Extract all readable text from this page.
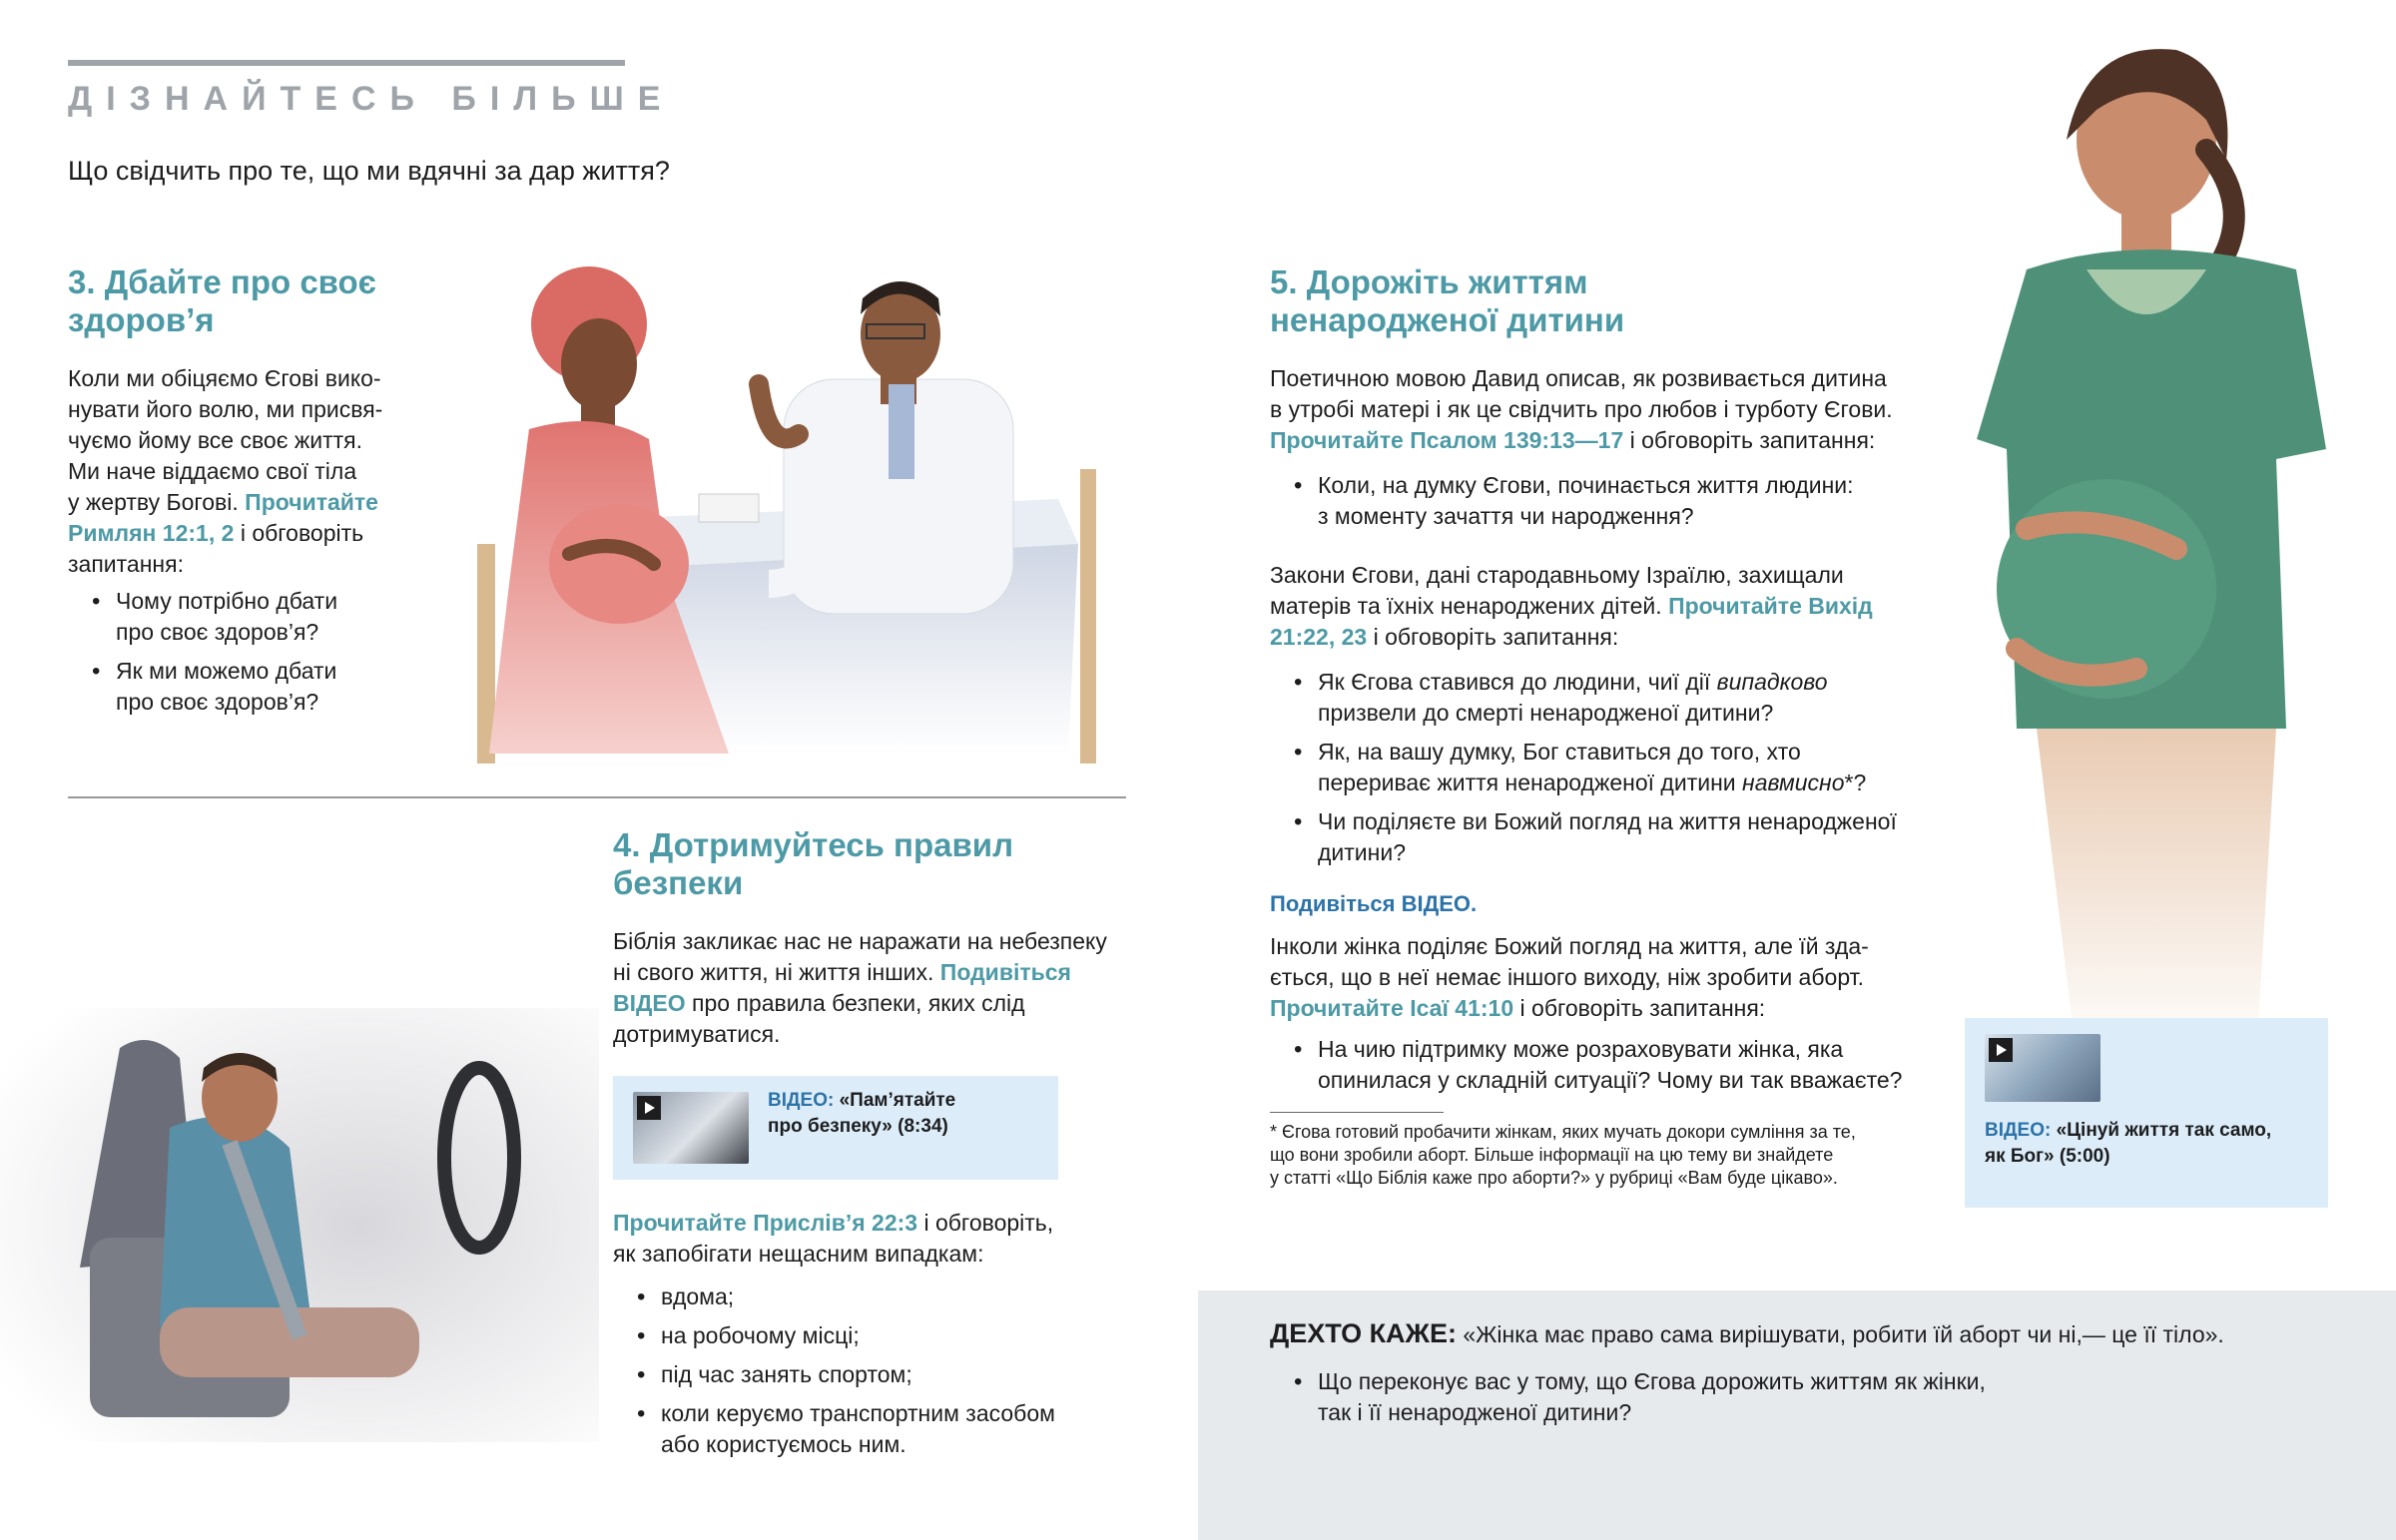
ДІЗНАЙТЕСЬ БІЛЬШЕ
Що свідчить про те, що ми вдячні за дар життя?
3. Дбайте про своє
здоров’я
Коли ми обіцяємо Єгові вико-
нувати його волю, ми присвя-
чуємо йому все своє життя.
Ми наче віддаємо свої тіла
у жертву Богові. Прочитайте
Римлян 12:1, 2 і обговоріть
запитання:
• Чому потрібно дбати
про своє здоров’я?
• Як ми можемо дбати
про своє здоров’я?
4. Дотримуйтесь правил
безпеки
Біблія закликає нас не наражати на небезпеку
ні свого життя, ні життя інших. Подивіться
ВІДЕО про правила безпеки, яких слід
дотримуватися.
ВІДЕО: «Пам’ятайте
про безпеку» (8:34)
Прочитайте Прислів’я 22:3 і обговоріть,
як запобігати нещасним випадкам:
• вдома;
• на робочому місці;
• під час занять спортом;
• коли керуємо транспортним засобом
або користуємось ним.
5. Дорожіть життям
ненародженої дитини
Поетичною мовою Давид описав, як розвивається дитина
в утробі матері і як це свідчить про любов і турботу Єгови.
Прочитайте Псалом 139:13—17 і обговоріть запитання:
• Коли, на думку Єгови, починається життя людини:
з моменту зачаття чи народження?
Закони Єгови, дані стародавньому Ізраїлю, захищали
матерів та їхніх ненароджених дітей. Прочитайте Вихід
21:22, 23 і обговоріть запитання:
• Як Єгова ставився до людини, чиї дії випадково
призвели до смерті ненародженої дитини?
• Як, на вашу думку, Бог ставиться до того, хто
перериває життя ненародженої дитини навмисно*?
• Чи поділяєте ви Божий погляд на життя ненародженої
дитини?
Подивіться ВІДЕО.
Інколи жінка поділяє Божий погляд на життя, але їй зда-
ється, що в неї немає іншого виходу, ніж зробити аборт.
Прочитайте Ісаї 41:10 і обговоріть запитання:
• На чию підтримку може розраховувати жінка, яка
опинилася у складній ситуації? Чому ви так вважаєте?
* Єгова готовий пробачити жінкам, яких мучать докори сумління за те,
що вони зробили аборт. Більше інформації на цю тему ви знайдете
у статті «Що Біблія каже про аборти?» у рубриці «Вам буде цікаво».
ВІДЕО: «Цінуй життя так само,
як Бог» (5:00)
ДЕХТО КАЖЕ: «Жінка має право сама вирішувати, робити їй аборт чи ні,— це її тіло».
• Що переконує вас у тому, що Єгова дорожить життям як жінки,
так і її ненародженої дитини?
